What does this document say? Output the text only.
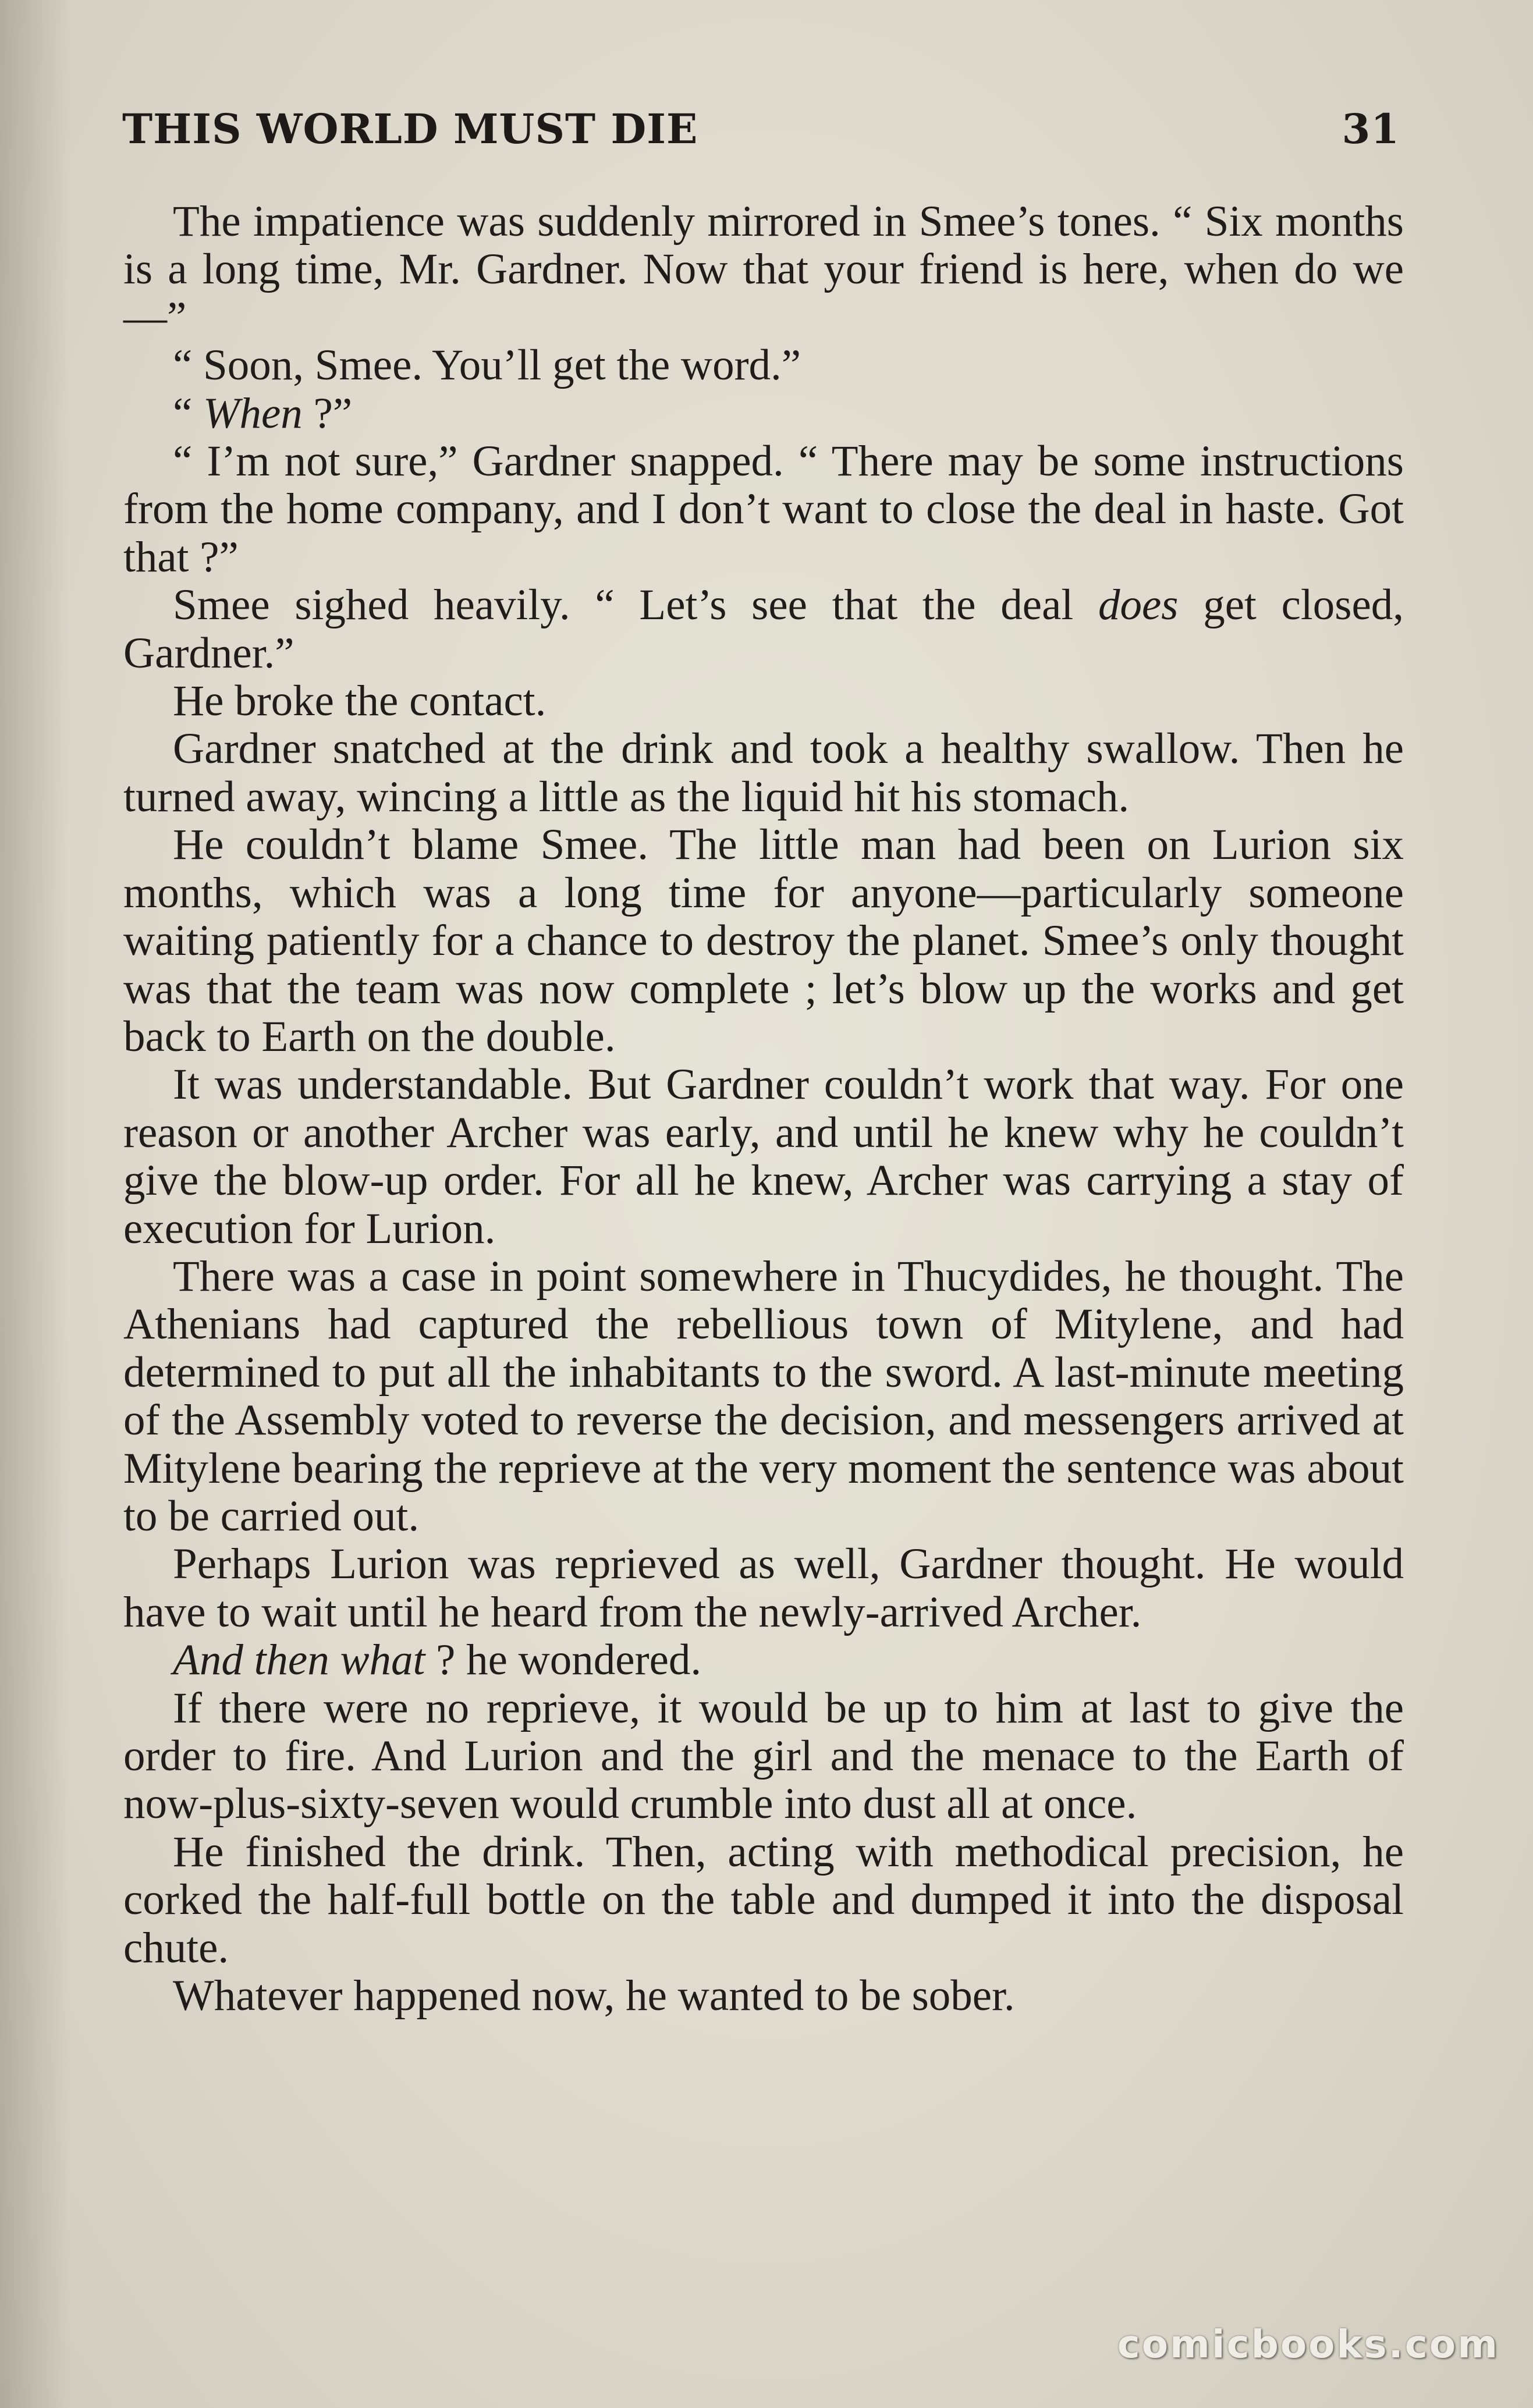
THIS WORLD MUST DIE	31

The impatience was suddenly mirrored in Smee’s tones. “ Six months is a long time, Mr. Gardner. Now that your friend is here, when do we—”

“ Soon, Smee. You’ll get the word.”

“ When ?”

“ I’m not sure,” Gardner snapped. “ There may be some instructions from the home company, and I don’t want to close the deal in haste. Got that ?”

Smee sighed heavily. “ Let’s see that the deal does get closed, Gardner.”

He broke the contact.

Gardner snatched at the drink and took a healthy swallow. Then he turned away, wincing a little as the liquid hit his stomach.

He couldn’t blame Smee. The little man had been on Lurion six months, which was a long time for anyone—particularly someone waiting patiently for a chance to destroy the planet. Smee’s only thought was that the team was now complete ; let’s blow up the works and get back to Earth on the double.

It was understandable. But Gardner couldn’t work that way. For one reason or another Archer was early, and until he knew why he couldn’t give the blow-up order. For all he knew, Archer was carrying a stay of execution for Lurion.

There was a case in point somewhere in Thucydides, he thought. The Athenians had captured the rebellious town of Mitylene, and had determined to put all the inhabitants to the sword. A last-minute meeting of the Assembly voted to reverse the decision, and messengers arrived at Mitylene bearing the reprieve at the very moment the sentence was about to be carried out.

Perhaps Lurion was reprieved as well, Gardner thought. He would have to wait until he heard from the newly-arrived Archer.

And then what ? he wondered.

If there were no reprieve, it would be up to him at last to give the order to fire. And Lurion and the girl and the menace to the Earth of now-plus-sixty-seven would crumble into dust all at once.

He finished the drink. Then, acting with methodical precision, he corked the half-full bottle on the table and dumped it into the disposal chute.

Whatever happened now, he wanted to be sober.

comicbooks.com
